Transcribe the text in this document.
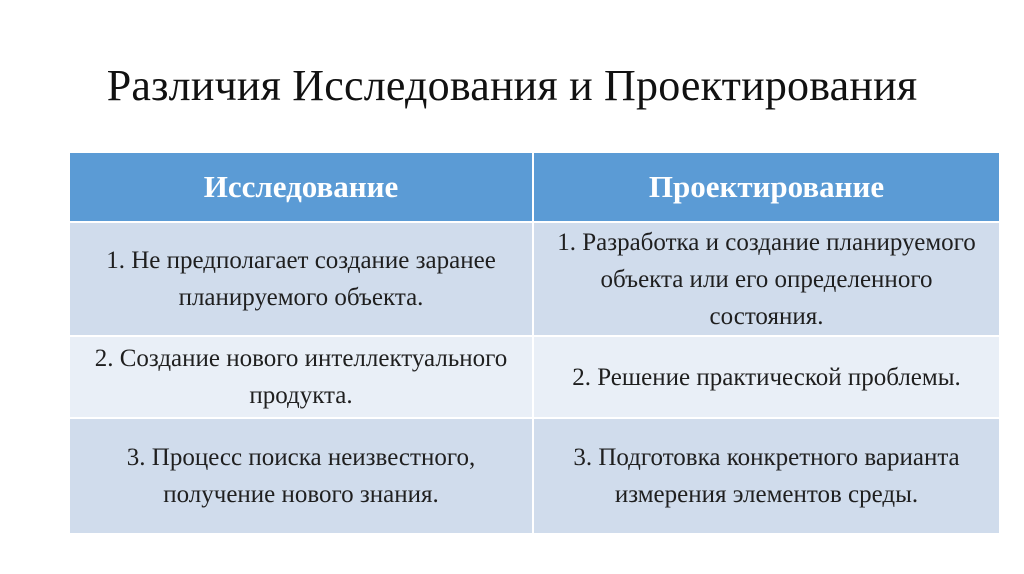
Различия Исследования и Проектирования
Исследование	Проектирование
1. Не предполагает создание заранее планируемого объекта.	1. Разработка и создание планируемого объекта или его определенного состояния.
2. Создание нового интеллектуального продукта.	2. Решение практической проблемы.
3. Процесс поиска неизвестного, получение нового знания.	3. Подготовка конкретного варианта измерения элементов среды.
